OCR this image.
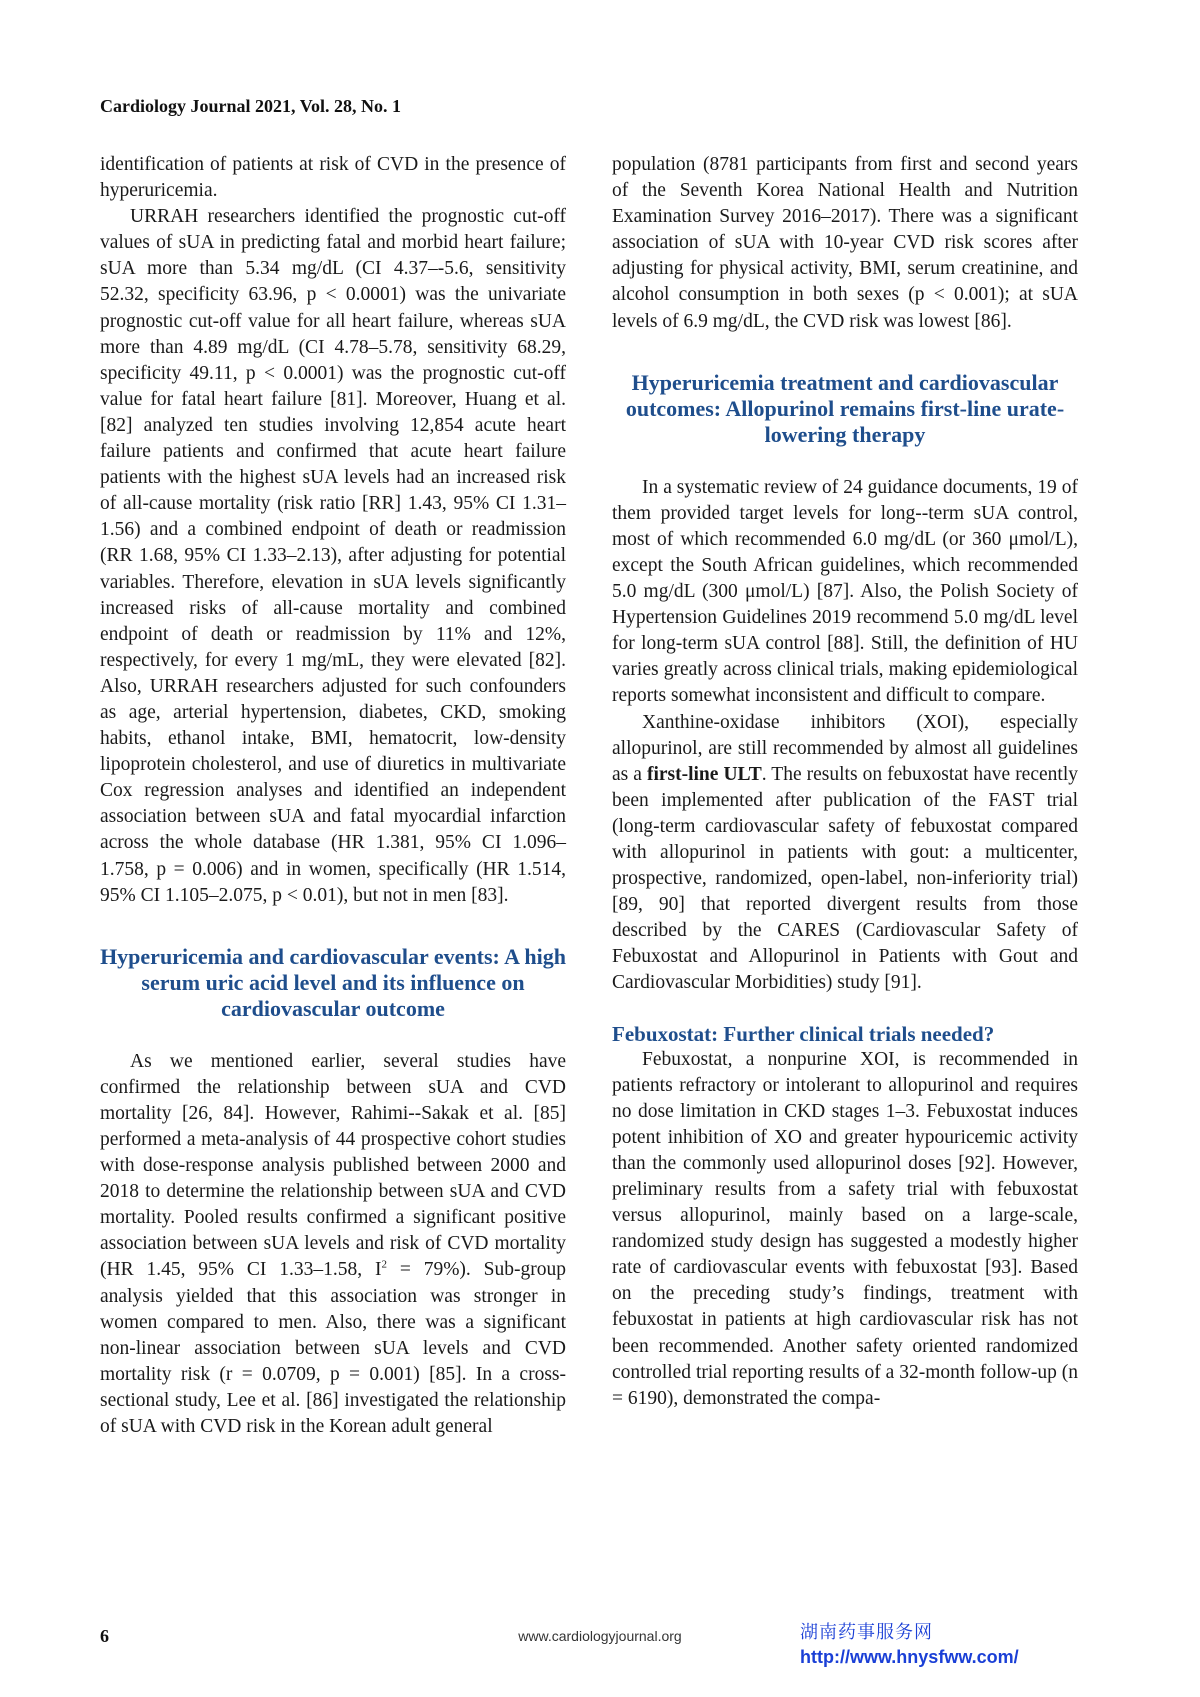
Cardiology Journal 2021, Vol. 28, No. 1

identification of patients at risk of CVD in the presence of hyperuricemia.

URRAH researchers identified the prognostic cut-off values of sUA in predicting fatal and morbid heart failure; sUA more than 5.34 mg/dL (CI 4.37–‑5.6, sensitivity 52.32, specificity 63.96, p < 0.0001) was the univariate prognostic cut-off value for all heart failure, whereas sUA more than 4.89 mg/dL (CI 4.78–5.78, sensitivity 68.29, specificity 49.11, p < 0.0001) was the prognostic cut-off value for fatal heart failure [81]. Moreover, Huang et al. [82] analyzed ten studies involving 12,854 acute heart failure patients and confirmed that acute heart failure patients with the highest sUA levels had an increased risk of all-cause mortality (risk ratio [RR] 1.43, 95% CI 1.31–1.56) and a combined endpoint of death or readmission (RR 1.68, 95% CI 1.33–2.13), after adjusting for potential variables. Therefore, elevation in sUA levels significantly increased risks of all-cause mortality and combined endpoint of death or readmission by 11% and 12%, respectively, for every 1 mg/mL, they were elevated [82]. Also, URRAH researchers adjusted for such confounders as age, arterial hypertension, diabetes, CKD, smoking habits, ethanol intake, BMI, hematocrit, low-density lipoprotein cholesterol, and use of diuretics in multivariate Cox regression analyses and identified an independent association between sUA and fatal myocardial infarction across the whole database (HR 1.381, 95% CI 1.096–1.758, p = 0.006) and in women, specifically (HR 1.514, 95% CI 1.105–2.075, p < 0.01), but not in men [83].

Hyperuricemia and cardiovascular events: A high serum uric acid level and its influence on cardiovascular outcome

As we mentioned earlier, several studies have confirmed the relationship between sUA and CVD mortality [26, 84]. However, Rahimi-‑Sakak et al. [85] performed a meta-analysis of 44 prospective cohort studies with dose-response analysis published between 2000 and 2018 to determine the relationship between sUA and CVD mortality. Pooled results confirmed a significant positive association between sUA levels and risk of CVD mortality (HR 1.45, 95% CI 1.33–1.58, $I^2 = 79\%$). Sub-group analysis yielded that this association was stronger in women compared to men. Also, there was a significant non-linear association between sUA levels and CVD mortality risk (r = 0.0709, p = 0.001) [85]. In a cross-sectional study, Lee et al. [86] investigated the relationship of sUA with CVD risk in the Korean adult general

population (8781 participants from first and second years of the Seventh Korea National Health and Nutrition Examination Survey 2016–2017). There was a significant association of sUA with 10-year CVD risk scores after adjusting for physical activity, BMI, serum creatinine, and alcohol consumption in both sexes (p < 0.001); at sUA levels of 6.9 mg/dL, the CVD risk was lowest [86].

Hyperuricemia treatment and cardiovascular outcomes: Allopurinol remains first-line urate-lowering therapy

In a systematic review of 24 guidance documents, 19 of them provided target levels for long-‑term sUA control, most of which recommended 6.0 mg/dL (or 360 μmol/L), except the South African guidelines, which recommended 5.0 mg/dL (300 μmol/L) [87]. Also, the Polish Society of Hypertension Guidelines 2019 recommend 5.0 mg/dL level for long-term sUA control [88]. Still, the definition of HU varies greatly across clinical trials, making epidemiological reports somewhat inconsistent and difficult to compare.

Xanthine-oxidase inhibitors (XOI), especially allopurinol, are still recommended by almost all guidelines as a first-line ULT. The results on febuxostat have recently been implemented after publication of the FAST trial (long-term cardiovascular safety of febuxostat compared with allopurinol in patients with gout: a multicenter, prospective, randomized, open-label, non-inferiority trial) [89, 90] that reported divergent results from those described by the CARES (Cardiovascular Safety of Febuxostat and Allopurinol in Patients with Gout and Cardiovascular Morbidities) study [91].

Febuxostat: Further clinical trials needed?

Febuxostat, a nonpurine XOI, is recommended in patients refractory or intolerant to allopurinol and requires no dose limitation in CKD stages 1–3. Febuxostat induces potent inhibition of XO and greater hypouricemic activity than the commonly used allopurinol doses [92]. However, preliminary results from a safety trial with febuxostat versus allopurinol, mainly based on a large-scale, randomized study design has suggested a modestly higher rate of cardiovascular events with febuxostat [93]. Based on the preceding study’s findings, treatment with febuxostat in patients at high cardiovascular risk has not been recommended. Another safety oriented randomized controlled trial reporting results of a 32-month follow-up (n = 6190), demonstrated the compa-

6	www.cardiologyjournal.org	湖南药事服务网
http://www.hnysfww.com/
